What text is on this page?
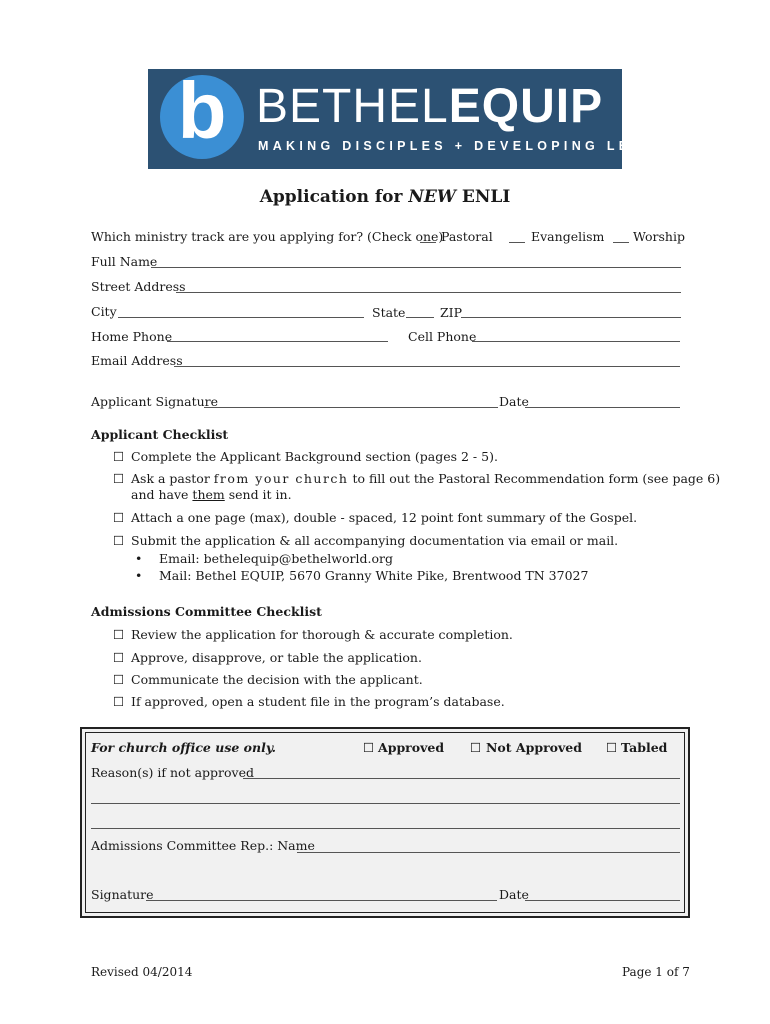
b BETHELEQUIP
MAKING DISCIPLES + DEVELOPING LEADERS
Application for NEW ENLI
Which ministry track are you applying for? (Check one)
Pastoral	Evangelism Worship
Full Name
Street Address
City	State	ZIP
Home Phone	Cell Phone
Email Address
Applicant Signature	Date
Applicant Checklist
☐ Complete the Applicant Background section (pages 2 - 5).
☐ Ask a pastor from your church to fill out the Pastoral Recommendation form (see page 6)
and have them send it in.
☐ Attach a one page (max), double - spaced, 12 point font summary of the Gospel.
☐ Submit the application & all accompanying documentation via email or mail.
• Email: bethelequip@bethelworld.org
• Mail: Bethel EQUIP, 5670 Granny White Pike, Brentwood TN 37027
Admissions Committee Checklist
☐ Review the application for thorough & accurate completion.
☐ Approve, disapprove, or table the application.
☐ Communicate the decision with the applicant.
☐ If approved, open a student file in the program’s database.
For church office use only.	☐ Approved ☐ Not Approved ☐ Tabled
Reason(s) if not approved
Admissions Committee Rep.: Name
Signature	Date
Revised 04/2014	Page 1 of 7
